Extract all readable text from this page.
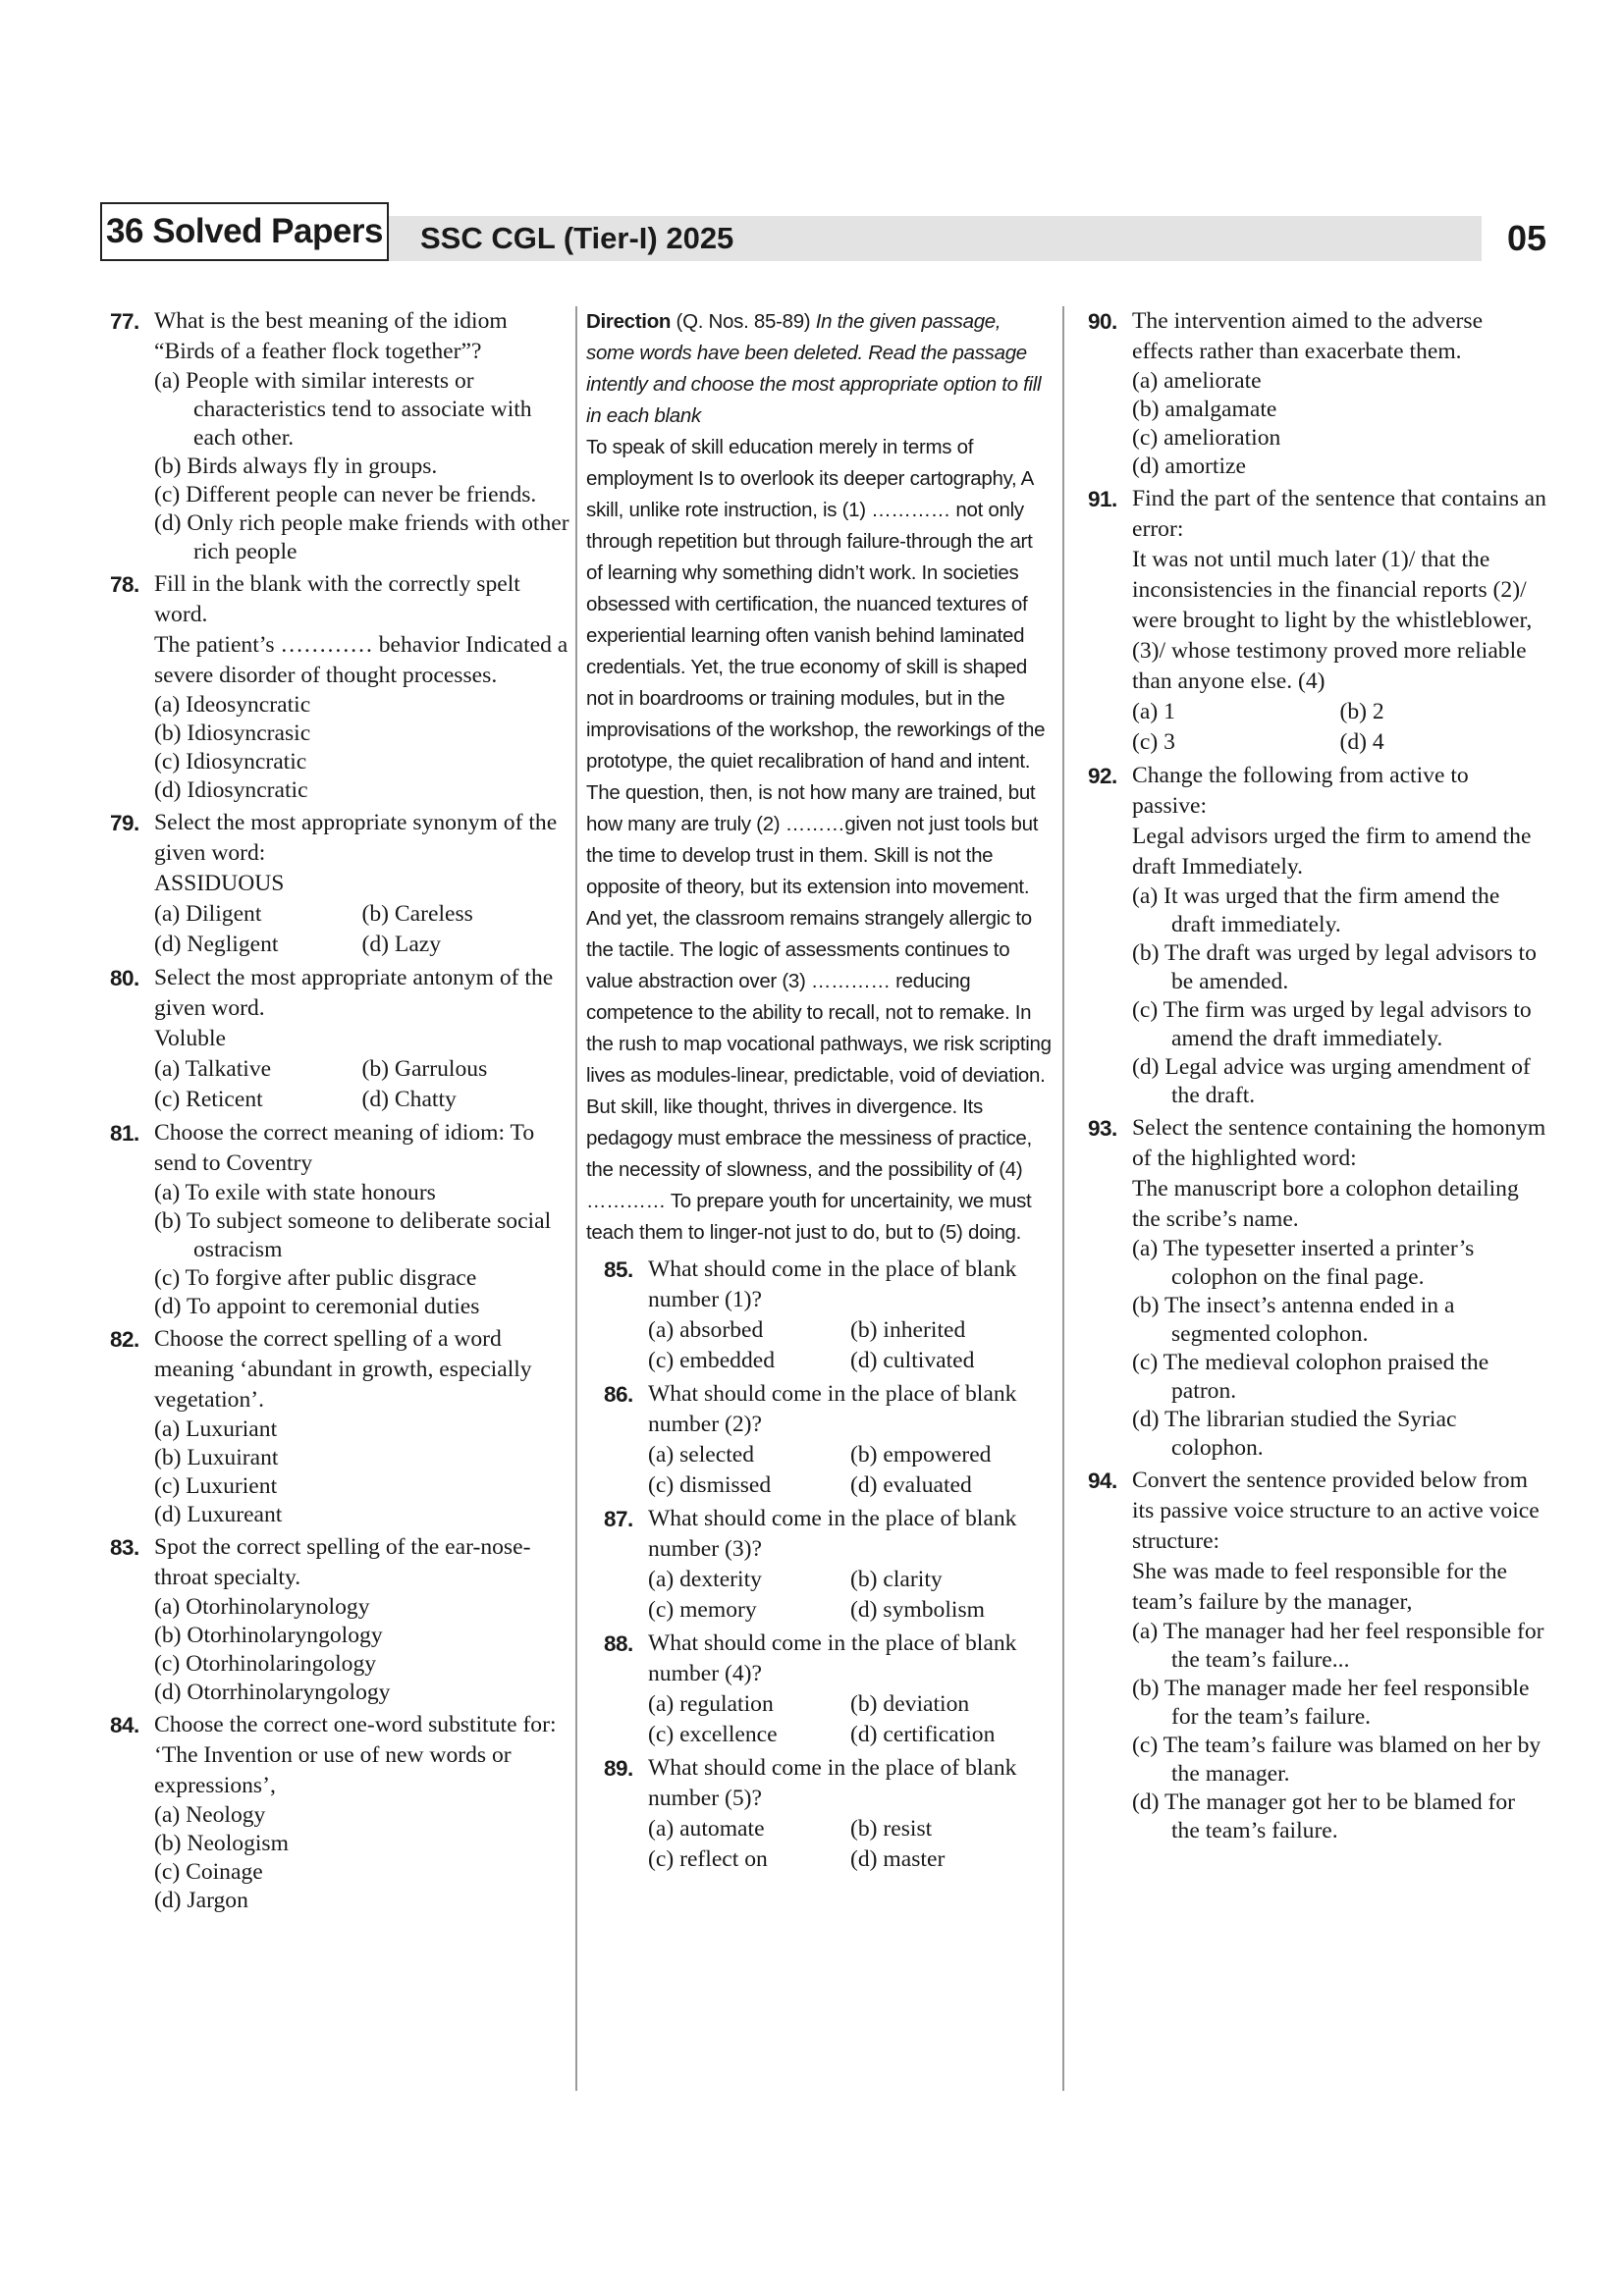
36 Solved Papers SSC CGL (Tier-I) 2025	05
77. What is the best meaning of the idiom “Birds of a feather flock together”?
(a) People with similar interests or characteristics tend to associate with each other.
(b) Birds always fly in groups.
(c) Different people can never be friends.
(d) Only rich people make friends with other rich people
78. Fill in the blank with the correctly spelt word.
The patient’s ………… behavior Indicated a severe disorder of thought processes.
(a) Ideosyncratic
(b) Idiosyncrasic
(c) Idiosyncratic
(d) Idiosyncratic
79. Select the most appropriate synonym of the given word:
ASSIDUOUS
(a) Diligent	(b) Careless
(d) Negligent	(d) Lazy
80. Select the most appropriate antonym of the given word.
Voluble
(a) Talkative	(b) Garrulous
(c) Reticent	(d) Chatty
81. Choose the correct meaning of idiom: To send to Coventry
(a) To exile with state honours
(b) To subject someone to deliberate social ostracism
(c) To forgive after public disgrace
(d) To appoint to ceremonial duties
82. Choose the correct spelling of a word meaning ‘abundant in growth, especially vegetation’.
(a) Luxuriant
(b) Luxuirant
(c) Luxurient
(d) Luxureant
83. Spot the correct spelling of the ear-nose-throat specialty.
(a) Otorhinolarynology
(b) Otorhinolaryngology
(c) Otorhinolaringology
(d) Otorrhinolaryngology
84. Choose the correct one-word substitute for: ‘The Invention or use of new words or expressions’,
(a) Neology
(b) Neologism
(c) Coinage
(d) Jargon
Direction (Q. Nos. 85-89) In the given passage, some words have been deleted. Read the passage intently and choose the most appropriate option to fill in each blank
To speak of skill education merely in terms of employment Is to overlook its deeper cartography, A skill, unlike rote instruction, is (1) ………… not only through repetition but through failure-through the art of learning why something didn’t work. In societies obsessed with certification, the nuanced textures of experiential learning often vanish behind laminated credentials. Yet, the true economy of skill is shaped not in boardrooms or training modules, but in the improvisations of the workshop, the reworkings of the prototype, the quiet recalibration of hand and intent. The question, then, is not how many are trained, but how many are truly (2) ………given not just tools but the time to develop trust in them. Skill is not the opposite of theory, but its extension into movement. And yet, the classroom remains strangely allergic to the tactile. The logic of assessments continues to value abstraction over (3) ………… reducing competence to the ability to recall, not to remake. In the rush to map vocational pathways, we risk scripting lives as modules-linear, predictable, void of deviation. But skill, like thought, thrives in divergence. Its pedagogy must embrace the messiness of practice, the necessity of slowness, and the possibility of (4) ………… To prepare youth for uncertainity, we must teach them to linger-not just to do, but to (5) doing.
85. What should come in the place of blank number (1)?
(a) absorbed	(b) inherited
(c) embedded	(d) cultivated
86. What should come in the place of blank number (2)?
(a) selected	(b) empowered
(c) dismissed	(d) evaluated
87. What should come in the place of blank number (3)?
(a) dexterity	(b) clarity
(c) memory	(d) symbolism
88. What should come in the place of blank number (4)?
(a) regulation	(b) deviation
(c) excellence	(d) certification
89. What should come in the place of blank number (5)?
(a) automate	(b) resist
(c) reflect on	(d) master
90. The intervention aimed to the adverse effects rather than exacerbate them.
(a) ameliorate
(b) amalgamate
(c) amelioration
(d) amortize
91. Find the part of the sentence that contains an error:
It was not until much later (1)/ that the inconsistencies in the financial reports (2)/ were brought to light by the whistleblower, (3)/ whose testimony proved more reliable than anyone else. (4)
(a) 1	(b) 2
(c) 3	(d) 4
92. Change the following from active to passive:
Legal advisors urged the firm to amend the draft Immediately.
(a) It was urged that the firm amend the draft immediately.
(b) The draft was urged by legal advisors to be amended.
(c) The firm was urged by legal advisors to amend the draft immediately.
(d) Legal advice was urging amendment of the draft.
93. Select the sentence containing the homonym of the highlighted word:
The manuscript bore a colophon detailing the scribe’s name.
(a) The typesetter inserted a printer’s colophon on the final page.
(b) The insect’s antenna ended in a segmented colophon.
(c) The medieval colophon praised the patron.
(d) The librarian studied the Syriac colophon.
94. Convert the sentence provided below from its passive voice structure to an active voice structure:
She was made to feel responsible for the team’s failure by the manager,
(a) The manager had her feel responsible for the team’s failure...
(b) The manager made her feel responsible for the team’s failure.
(c) The team’s failure was blamed on her by the manager.
(d) The manager got her to be blamed for the team’s failure.
